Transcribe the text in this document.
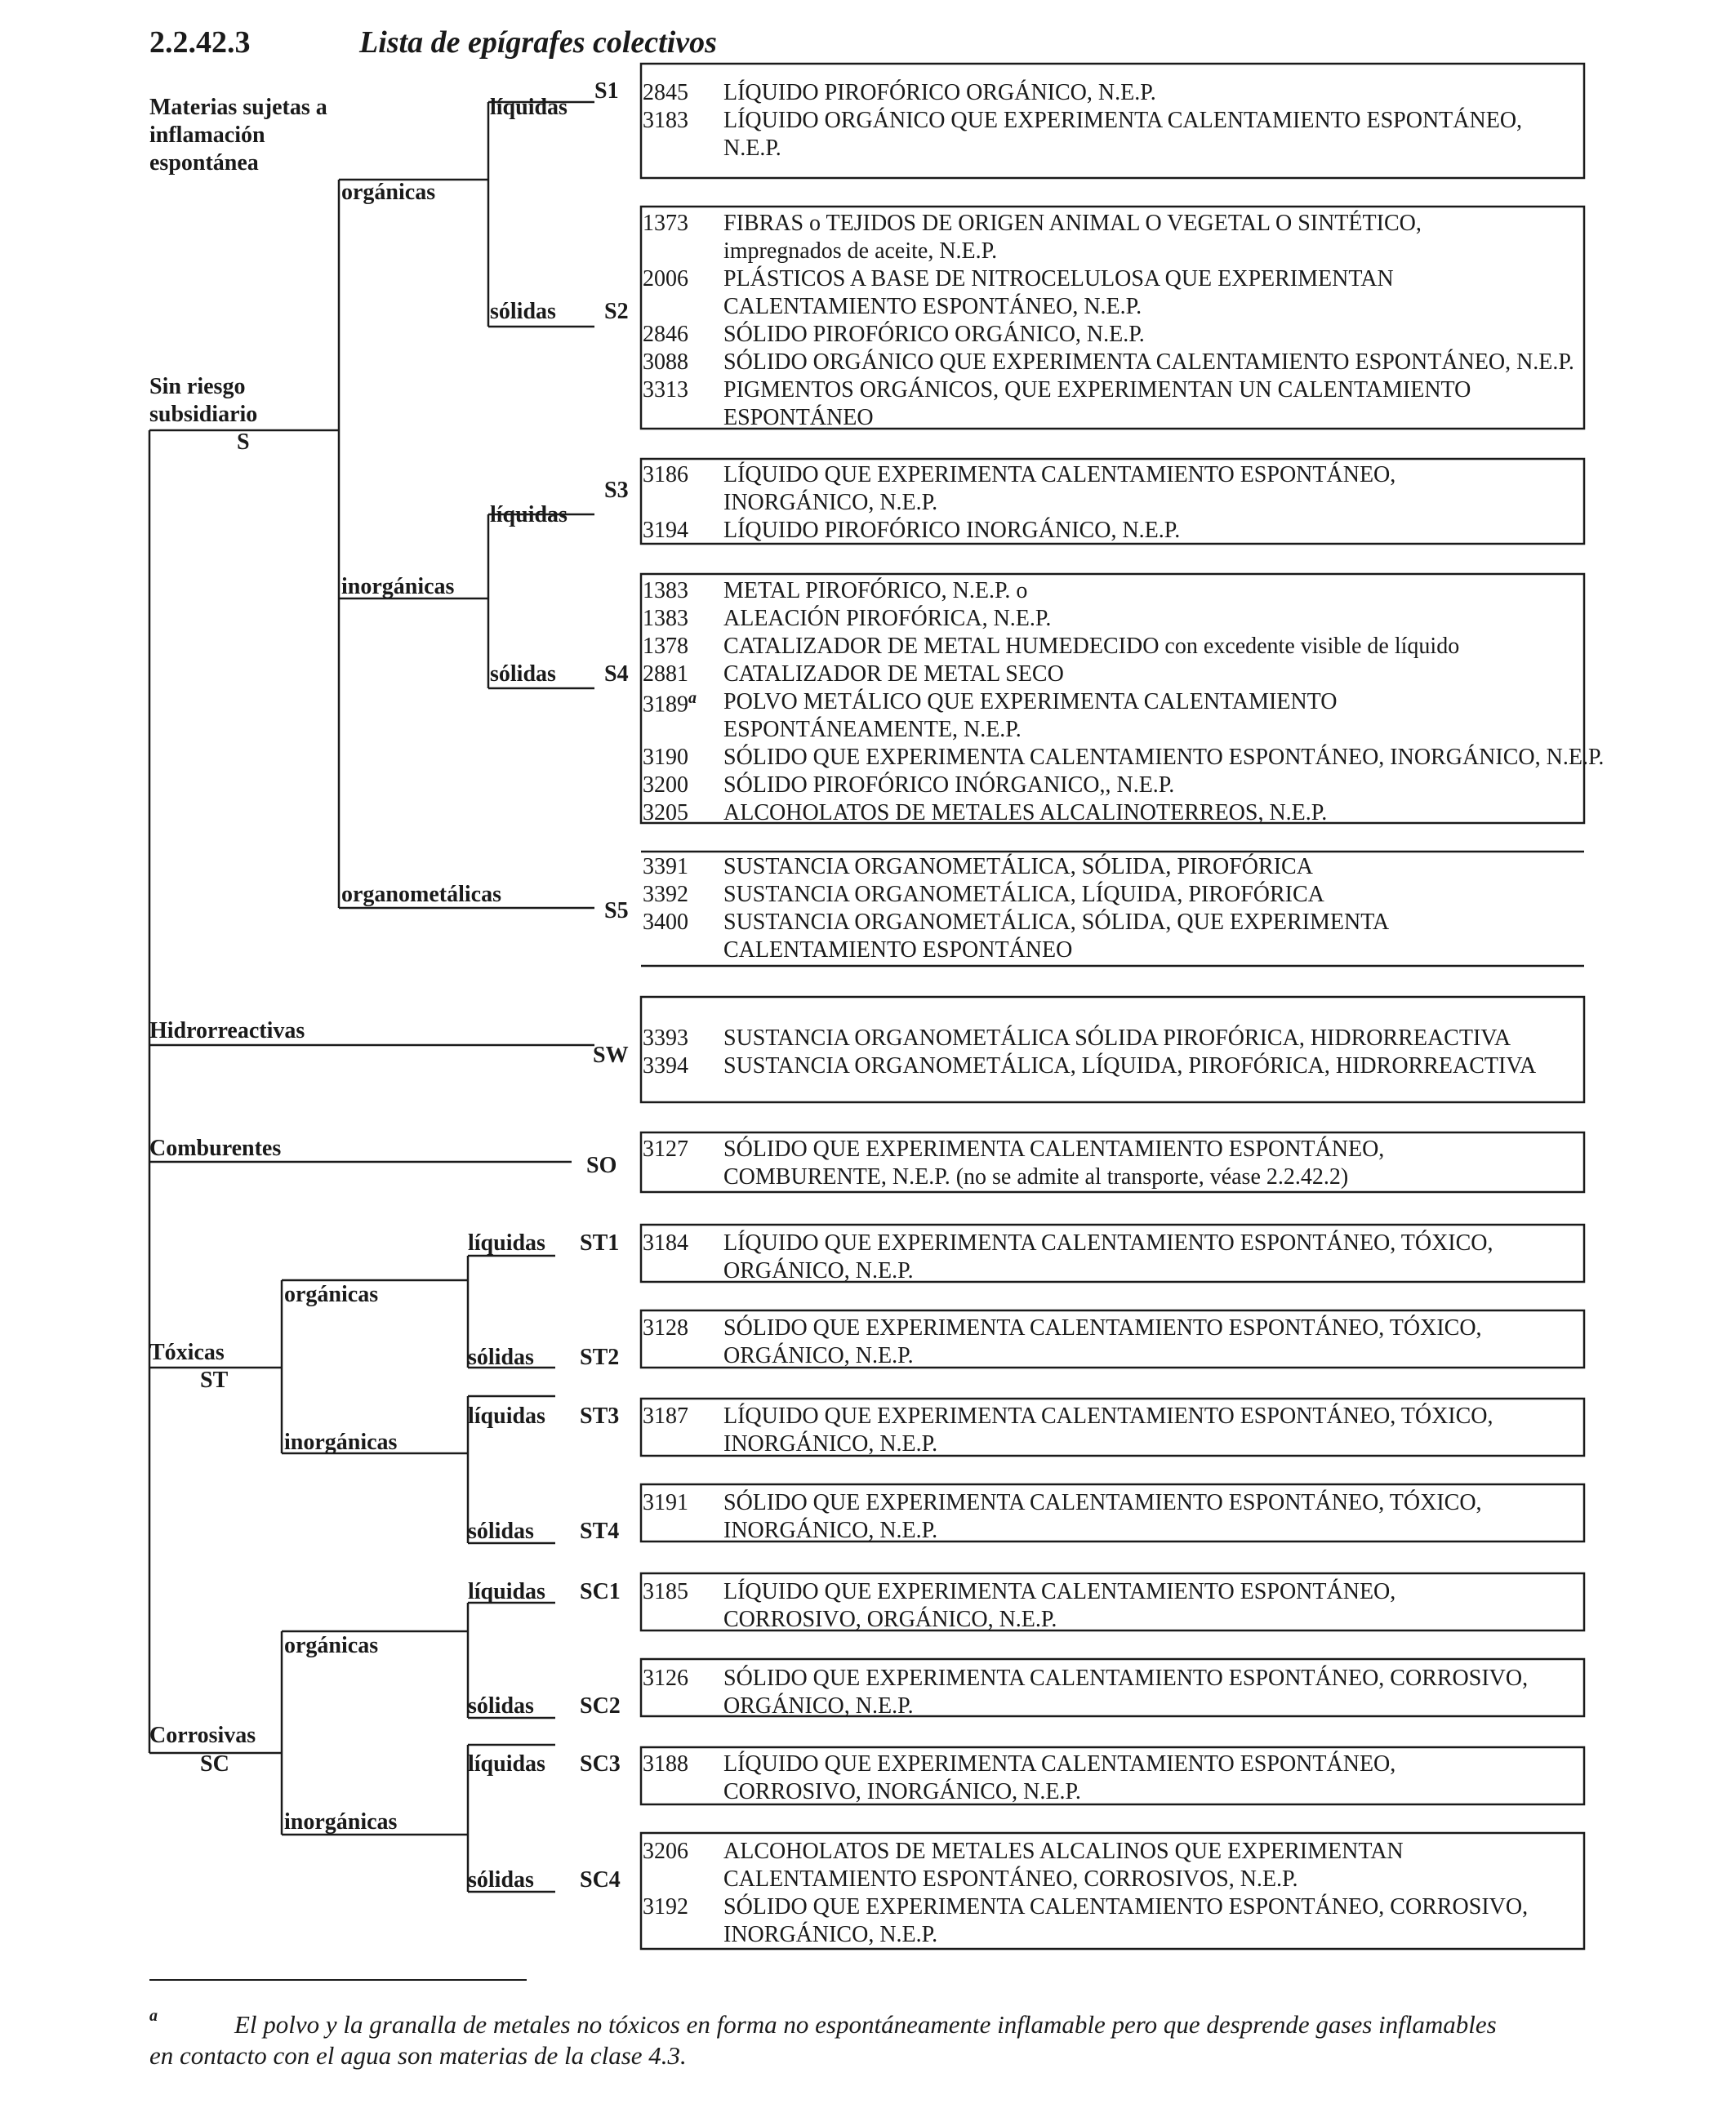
2.2.42.3	Lista de epígrafes colectivos
Materias sujetas a inflamación espontánea
Sin riesgo
subsidiario
S
orgánicas
inorgánicas
organometálicas
líquidas
sólidas
líquidas
sólidas
Hidrorreactivas
Comburentes
orgánicas
Tóxicas
ST
inorgánicas
líquidas
sólidas
líquidas
sólidas
orgánicas
Corrosivas
SC
inorgánicas
líquidas
sólidas
líquidas
sólidas
S1
S2
S3
S4
S5
SW
SO
ST1
ST2
ST3
ST4
SC1
SC2
SC3
SC4
2845 LÍQUIDO PIROFÓRICO ORGÁNICO, N.E.P.
3183 LÍQUIDO ORGÁNICO QUE EXPERIMENTA CALENTAMIENTO ESPONTÁNEO,
N.E.P.
1373 FIBRAS o TEJIDOS DE ORIGEN ANIMAL O VEGETAL O SINTÉTICO,
impregnados de aceite, N.E.P.
2006 PLÁSTICOS A BASE DE NITROCELULOSA QUE EXPERIMENTAN
CALENTAMIENTO ESPONTÁNEO, N.E.P.
2846 SÓLIDO PIROFÓRICO ORGÁNICO, N.E.P.
3088 SÓLIDO ORGÁNICO QUE EXPERIMENTA CALENTAMIENTO ESPONTÁNEO, N.E.P.
3313 PIGMENTOS ORGÁNICOS, QUE EXPERIMENTAN UN CALENTAMIENTO
ESPONTÁNEO
3186 LÍQUIDO QUE EXPERIMENTA CALENTAMIENTO ESPONTÁNEO,
INORGÁNICO, N.E.P.
3194 LÍQUIDO PIROFÓRICO INORGÁNICO, N.E.P.
1383 METAL PIROFÓRICO, N.E.P. o
1383 ALEACIÓN PIROFÓRICA, N.E.P.
1378 CATALIZADOR DE METAL HUMEDECIDO con excedente visible de líquido
2881 CATALIZADOR DE METAL SECO
3189$^a$ POLVO METÁLICO QUE EXPERIMENTA CALENTAMIENTO
ESPONTÁNEAMENTE, N.E.P.
3190 SÓLIDO QUE EXPERIMENTA CALENTAMIENTO ESPONTÁNEO, INORGÁNICO, N.E.P.
3200 SÓLIDO PIROFÓRICO INÓRGANICO,, N.E.P.
3205 ALCOHOLATOS DE METALES ALCALINOTERREOS, N.E.P.
3391 SUSTANCIA ORGANOMETÁLICA, SÓLIDA, PIROFÓRICA
3392 SUSTANCIA ORGANOMETÁLICA, LÍQUIDA, PIROFÓRICA
3400 SUSTANCIA ORGANOMETÁLICA, SÓLIDA, QUE EXPERIMENTA
CALENTAMIENTO ESPONTÁNEO
3393 SUSTANCIA ORGANOMETÁLICA SÓLIDA PIROFÓRICA, HIDRORREACTIVA
3394 SUSTANCIA ORGANOMETÁLICA, LÍQUIDA, PIROFÓRICA, HIDRORREACTIVA
3127 SÓLIDO QUE EXPERIMENTA CALENTAMIENTO ESPONTÁNEO,
COMBURENTE, N.E.P. (no se admite al transporte, véase 2.2.42.2)
3184 LÍQUIDO QUE EXPERIMENTA CALENTAMIENTO ESPONTÁNEO, TÓXICO,
ORGÁNICO, N.E.P.
3128 SÓLIDO QUE EXPERIMENTA CALENTAMIENTO ESPONTÁNEO, TÓXICO,
ORGÁNICO, N.E.P.
3187 LÍQUIDO QUE EXPERIMENTA CALENTAMIENTO ESPONTÁNEO, TÓXICO,
INORGÁNICO, N.E.P.
3191 SÓLIDO QUE EXPERIMENTA CALENTAMIENTO ESPONTÁNEO, TÓXICO,
INORGÁNICO, N.E.P.
3185 LÍQUIDO QUE EXPERIMENTA CALENTAMIENTO ESPONTÁNEO,
CORROSIVO, ORGÁNICO, N.E.P.
3126 SÓLIDO QUE EXPERIMENTA CALENTAMIENTO ESPONTÁNEO, CORROSIVO,
ORGÁNICO, N.E.P.
3188 LÍQUIDO QUE EXPERIMENTA CALENTAMIENTO ESPONTÁNEO,
CORROSIVO, INORGÁNICO, N.E.P.
3206 ALCOHOLATOS DE METALES ALCALINOS QUE EXPERIMENTAN
CALENTAMIENTO ESPONTÁNEO, CORROSIVOS, N.E.P.
3192 SÓLIDO QUE EXPERIMENTA CALENTAMIENTO ESPONTÁNEO, CORROSIVO,
INORGÁNICO, N.E.P.
a	El polvo y la granalla de metales no tóxicos en forma no espontáneamente inflamable pero que desprende gases inflamables
en contacto con el agua son materias de la clase 4.3.
